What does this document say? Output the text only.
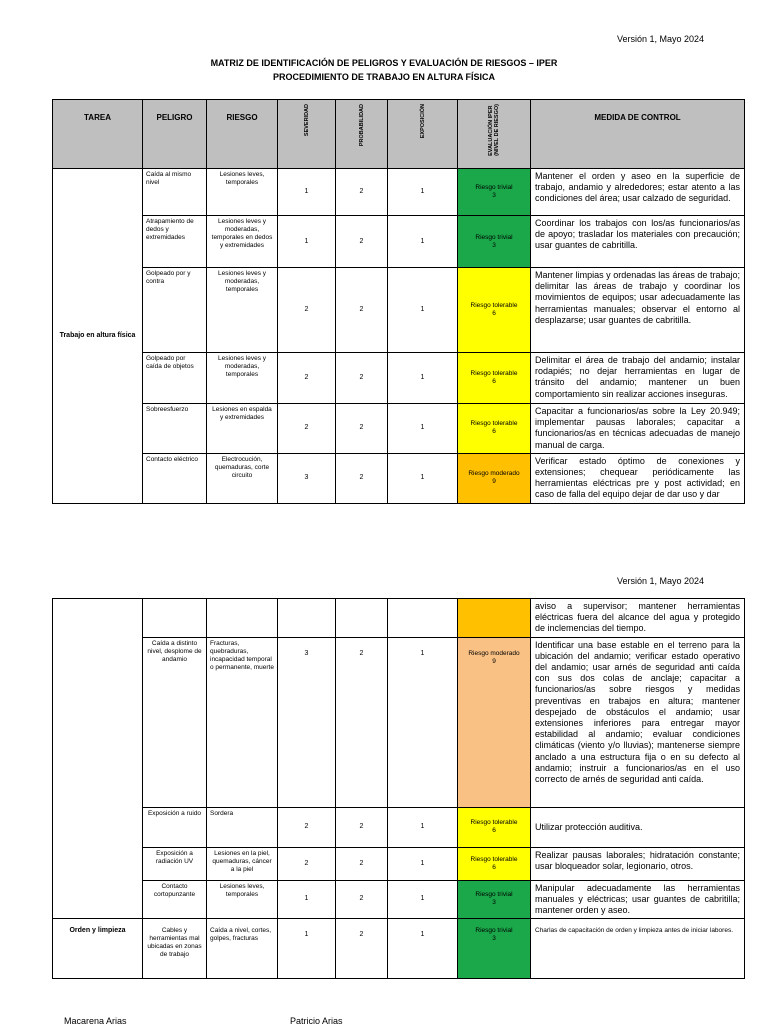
Versión 1, Mayo 2024
MATRIZ DE IDENTIFICACIÓN DE PELIGROS Y EVALUACIÓN DE RIESGOS – IPER
PROCEDIMIENTO DE TRABAJO EN ALTURA FÍSICA
TAREA	PELIGRO	RIESGO	SEVERIDAD	PROBABILIDAD	EXPOSICIÓN	EVALUACIÓN IPER
(NIVEL DE RIESGO)	MEDIDA DE CONTROL
Trabajo en altura física	Caída al mismo nivel	Lesiones leves, temporales	1	2	1	Riesgo trivial
3	Mantener el orden y aseo en la superficie de trabajo, andamio y alrededores; estar atento a las condiciones del área; usar calzado de seguridad.
	Atrapamiento de dedos y extremidades	Lesiones leves y moderadas, temporales en dedos y extremidades	1	2	1	Riesgo trivial
3	Coordinar los trabajos con los/as funcionarios/as de apoyo; trasladar los materiales con precaución; usar guantes de cabritilla.
	Golpeado por y contra	Lesiones leves y moderadas, temporales	2	2	1	Riesgo tolerable
6	Mantener limpias y ordenadas las áreas de trabajo; delimitar las áreas de trabajo y coordinar los movimientos de equipos; usar adecuadamente las herramientas manuales; observar el entorno al desplazarse; usar guantes de cabritilla.
	Golpeado por caída de objetos	Lesiones leves y moderadas, temporales	2	2	1	Riesgo tolerable
6	Delimitar el área de trabajo del andamio; instalar rodapiés; no dejar herramientas en lugar de tránsito del andamio; mantener un buen comportamiento sin realizar acciones inseguras.
	Sobreesfuerzo	Lesiones en espalda y extremidades	2	2	1	Riesgo tolerable
6	Capacitar a funcionarios/as sobre la Ley 20.949; implementar pausas laborales; capacitar a funcionarios/as en técnicas adecuadas de manejo manual de carga.
	Contacto eléctrico	Electrocución, quemaduras, corte circuito	3	2	1	Riesgo moderado
9	Verificar estado óptimo de conexiones y extensiones; chequear periódicamente las herramientas eléctricas pre y post actividad; en caso de falla del equipo dejar de dar uso y dar
Versión 1, Mayo 2024
							aviso a supervisor; mantener herramientas eléctricas fuera del alcance del agua y protegido de inclemencias del tiempo.
	Caída a distinto nivel, desplome de andamio	Fracturas, quebraduras, incapacidad temporal o permanente, muerte	3	2	1	Riesgo moderado
9	Identificar una base estable en el terreno para la ubicación del andamio; verificar estado operativo del andamio; usar arnés de seguridad anti caída con sus dos colas de anclaje; capacitar a funcionarios/as sobre riesgos y medidas preventivas en trabajos en altura; mantener despejado de obstáculos el andamio; usar extensiones inferiores para entregar mayor estabilidad al andamio; evaluar condiciones climáticas (viento y/o lluvias); mantenerse siempre anclado a una estructura fija o en su defecto al andamio; instruir a funcionarios/as en el uso correcto de arnés de seguridad anti caída.
	Exposición a ruido	Sordera	2	2	1	Riesgo tolerable
6	Utilizar protección auditiva.
	Exposición a radiación UV	Lesiones en la piel, quemaduras, cáncer a la piel	2	2	1	Riesgo tolerable
6	Realizar pausas laborales; hidratación constante; usar bloqueador solar, legionario, otros.
	Contacto cortopunzante	Lesiones leves, temporales	1	2	1	Riesgo trivial
3	Manipular adecuadamente las herramientas manuales y eléctricas; usar guantes de cabritilla; mantener orden y aseo.
Orden y limpieza	Cables y herramientas mal ubicadas en zonas de trabajo	Caída a nivel, cortes, golpes, fracturas	1	2	1	Riesgo trivial
3	Charlas de capacitación de orden y limpieza antes de iniciar labores.
Macarena Arias	Patricio Arias
